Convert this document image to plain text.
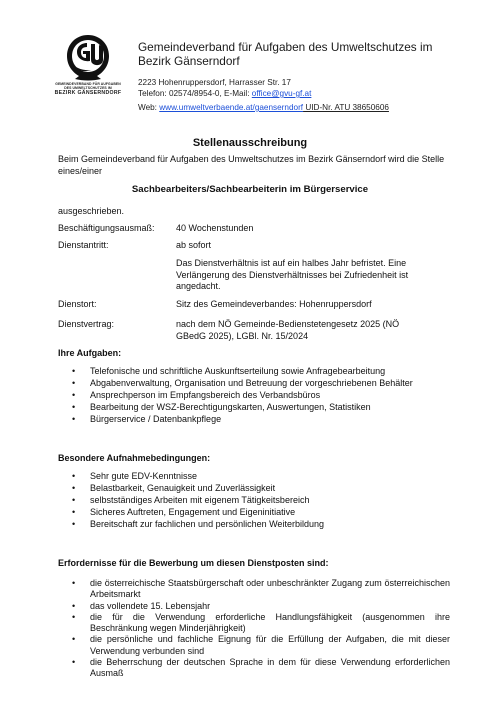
GEMEINDEVERBAND FÜR AUFGABEN
DES UMWELTSCHUTZES IM
BEZIRK GÄNSERNDORF
Gemeindeverband für Aufgaben des Umweltschutzes im Bezirk Gänserndorf
2223 Hohenruppersdorf, Harrasser Str. 17
Telefon: 02574/8954-0, E-Mail: office@gvu-gf.at
Web: www.umweltverbaende.at/gaenserndorf UID-Nr. ATU 38650606
Stellenausschreibung
Beim Gemeindeverband für Aufgaben des Umweltschutzes im Bezirk Gänserndorf wird die Stelle eines/einer
Sachbearbeiters/Sachbearbeiterin im Bürgerservice
ausgeschrieben.
Beschäftigungsausmaß: 40 Wochenstunden
Dienstantritt:	ab sofort
Das Dienstverhältnis ist auf ein halbes Jahr befristet. Eine Verlängerung des Dienstverhältnisses bei Zufriedenheit ist angedacht.
Dienstort:	Sitz des Gemeindeverbandes: Hohenruppersdorf
Dienstvertrag:	nach dem NÖ Gemeinde-Bedienstetengesetz 2025 (NÖ GBedG 2025), LGBl. Nr. 15/2024
Ihre Aufgaben:
• Telefonische und schriftliche Auskunftserteilung sowie Anfragebearbeitung
• Abgabenverwaltung, Organisation und Betreuung der vorgeschriebenen Behälter
• Ansprechperson im Empfangsbereich des Verbandsbüros
• Bearbeitung der WSZ-Berechtigungskarten, Auswertungen, Statistiken
• Bürgerservice / Datenbankpflege
Besondere Aufnahmebedingungen:
• Sehr gute EDV-Kenntnisse
• Belastbarkeit, Genauigkeit und Zuverlässigkeit
• selbstständiges Arbeiten mit eigenem Tätigkeitsbereich
• Sicheres Auftreten, Engagement und Eigeninitiative
• Bereitschaft zur fachlichen und persönlichen Weiterbildung
Erfordernisse für die Bewerbung um diesen Dienstposten sind:
• die österreichische Staatsbürgerschaft oder unbeschränkter Zugang zum österreichischen Arbeitsmarkt
• das vollendete 15. Lebensjahr
• die für die Verwendung erforderliche Handlungsfähigkeit (ausgenommen ihre Beschränkung wegen Minderjährigkeit)
• die persönliche und fachliche Eignung für die Erfüllung der Aufgaben, die mit dieser Verwendung verbunden sind
• die Beherrschung der deutschen Sprache in dem für diese Verwendung erforderlichen Ausmaß
